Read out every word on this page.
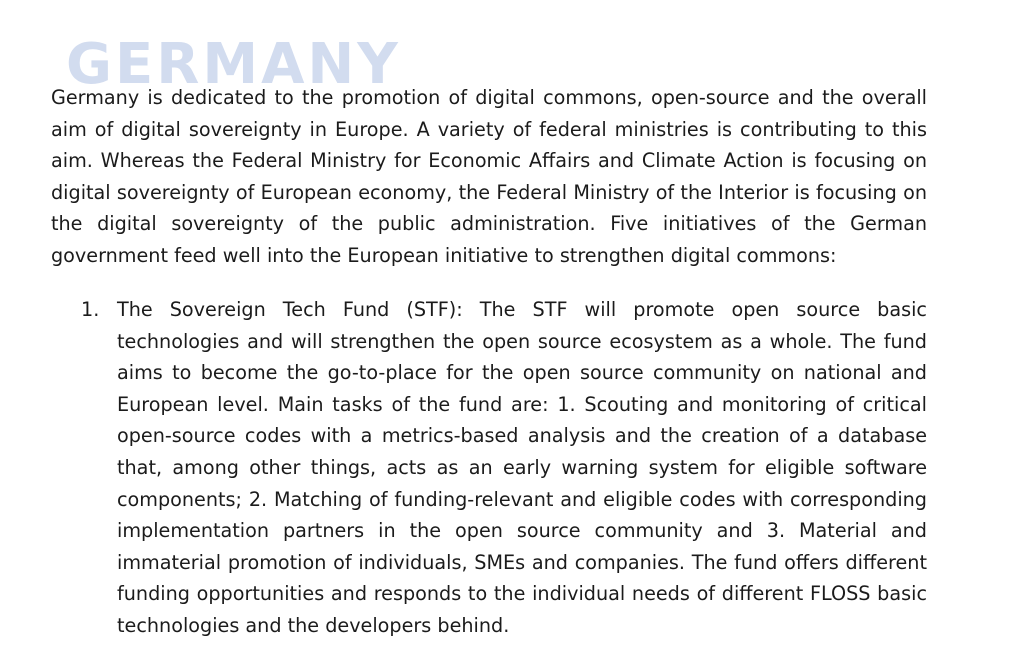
GERMANY

Germany is dedicated to the promotion of digital commons, open-source and the overall aim of digital sovereignty in Europe. A variety of federal ministries is contributing to this aim. Whereas the Federal Ministry for Economic Affairs and Climate Action is focusing on digital sovereignty of European economy, the Federal Ministry of the Interior is focusing on the digital sovereignty of the public administration. Five initiatives of the German government feed well into the European initiative to strengthen digital commons:

1. The Sovereign Tech Fund (STF): The STF will promote open source basic technologies and will strengthen the open source ecosystem as a whole. The fund aims to become the go-to-place for the open source community on national and European level. Main tasks of the fund are: 1. Scouting and monitoring of critical open-source codes with a metrics-based analysis and the creation of a database that, among other things, acts as an early warning system for eligible software components; 2. Matching of funding-relevant and eligible codes with corresponding implementation partners in the open source community and 3. Material and immaterial promotion of individuals, SMEs and companies. The fund offers different funding opportunities and responds to the individual needs of different FLOSS basic technologies and the developers behind.
